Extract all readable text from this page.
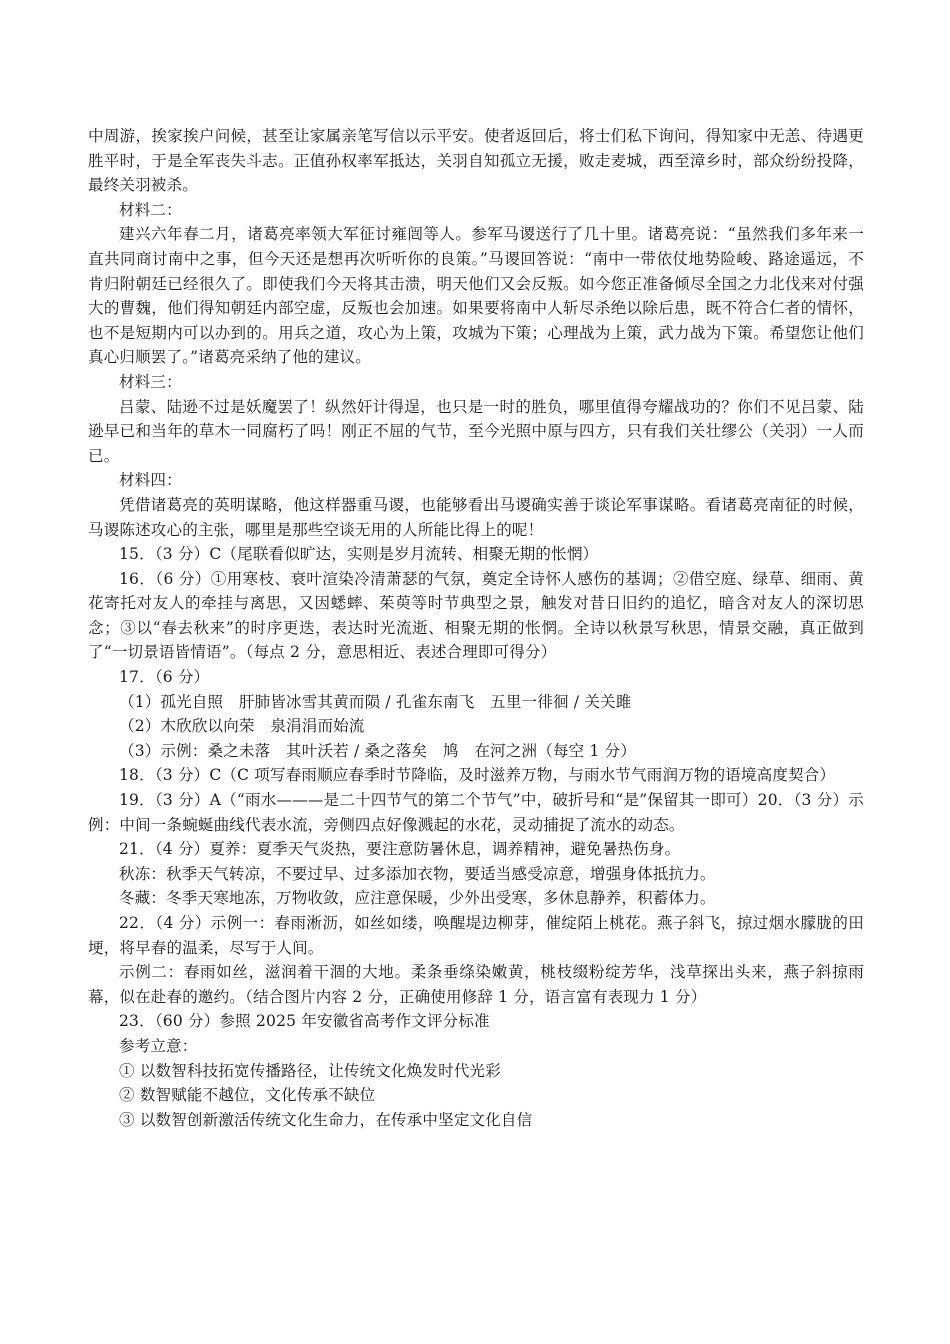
中周游，挨家挨户问候，甚至让家属亲笔写信以示平安。使者返回后，将士们私下询问，得知家中无恙、待遇更胜平时，于是全军丧失斗志。正值孙权率军抵达，关羽自知孤立无援，败走麦城，西至漳乡时，部众纷纷投降，最终关羽被杀。

材料二：

建兴六年春二月，诸葛亮率领大军征讨雍闿等人。参军马谡送行了几十里。诸葛亮说：“虽然我们多年来一直共同商讨南中之事，但今天还是想再次听听你的良策。”马谡回答说：“南中一带依仗地势险峻、路途遥远，不肯归附朝廷已经很久了。即使我们今天将其击溃，明天他们又会反叛。如今您正准备倾尽全国之力北伐来对付强大的曹魏，他们得知朝廷内部空虚，反叛也会加速。如果要将南中人斩尽杀绝以除后患，既不符合仁者的情怀，也不是短期内可以办到的。用兵之道，攻心为上策，攻城为下策；心理战为上策，武力战为下策。希望您让他们真心归顺罢了。”诸葛亮采纳了他的建议。

材料三：

吕蒙、陆逊不过是妖魔罢了！纵然奸计得逞，也只是一时的胜负，哪里值得夸耀战功的？你们不见吕蒙、陆逊早已和当年的草木一同腐朽了吗！刚正不屈的气节，至今光照中原与四方，只有我们关壮缪公（关羽）一人而已。

材料四：

凭借诸葛亮的英明谋略，他这样器重马谡，也能够看出马谡确实善于谈论军事谋略。看诸葛亮南征的时候，马谡陈述攻心的主张，哪里是那些空谈无用的人所能比得上的呢！

15．（3 分）C（尾联看似旷达，实则是岁月流转、相聚无期的怅惘）

16．（6 分）①用寒枝、衰叶渲染冷清萧瑟的气氛，奠定全诗怀人感伤的基调；②借空庭、绿草、细雨、黄花寄托对友人的牵挂与离思，又因蟋蟀、茱萸等时节典型之景，触发对昔日旧约的追忆，暗含对友人的深切思念；③以“春去秋来”的时序更迭，表达时光流逝、相聚无期的怅惘。全诗以秋景写秋思，情景交融，真正做到了“一切景语皆情语”。（每点 2 分，意思相近、表述合理即可得分）

17．（6 分）

（1）孤光自照　肝肺皆冰雪其黄而陨 / 孔雀东南飞　五里一徘徊 / 关关雎

（2）木欣欣以向荣　泉涓涓而始流

（3）示例：桑之未落　其叶沃若 / 桑之落矣　鸠　在河之洲（每空 1 分）

18．（3 分）C（C 项写春雨顺应春季时节降临，及时滋养万物，与雨水节气雨润万物的语境高度契合）

19．（3 分）A（“雨水———是二十四节气的第二个节气”中，破折号和“是”保留其一即可）20．（3 分）示例：中间一条蜿蜒曲线代表水流，旁侧四点好像溅起的水花，灵动捕捉了流水的动态。

21．（4 分）夏养：夏季天气炎热，要注意防暑休息，调养精神，避免暑热伤身。

秋冻：秋季天气转凉，不要过早、过多添加衣物，要适当感受凉意，增强身体抵抗力。

冬藏：冬季天寒地冻，万物收敛，应注意保暖，少外出受寒，多休息静养，积蓄体力。

22．（4 分）示例一：春雨淅沥，如丝如缕，唤醒堤边柳芽，催绽陌上桃花。燕子斜飞，掠过烟水朦胧的田埂，将早春的温柔，尽写于人间。

示例二：春雨如丝，滋润着干涸的大地。柔条垂绦染嫩黄，桃枝缀粉绽芳华，浅草探出头来，燕子斜掠雨幕，似在赴春的邀约。（结合图片内容 2 分，正确使用修辞 1 分，语言富有表现力 1 分）

23．（60 分）参照 2025 年安徽省高考作文评分标准

参考立意：

① 以数智科技拓宽传播路径，让传统文化焕发时代光彩

② 数智赋能不越位，文化传承不缺位

③ 以数智创新激活传统文化生命力，在传承中坚定文化自信
